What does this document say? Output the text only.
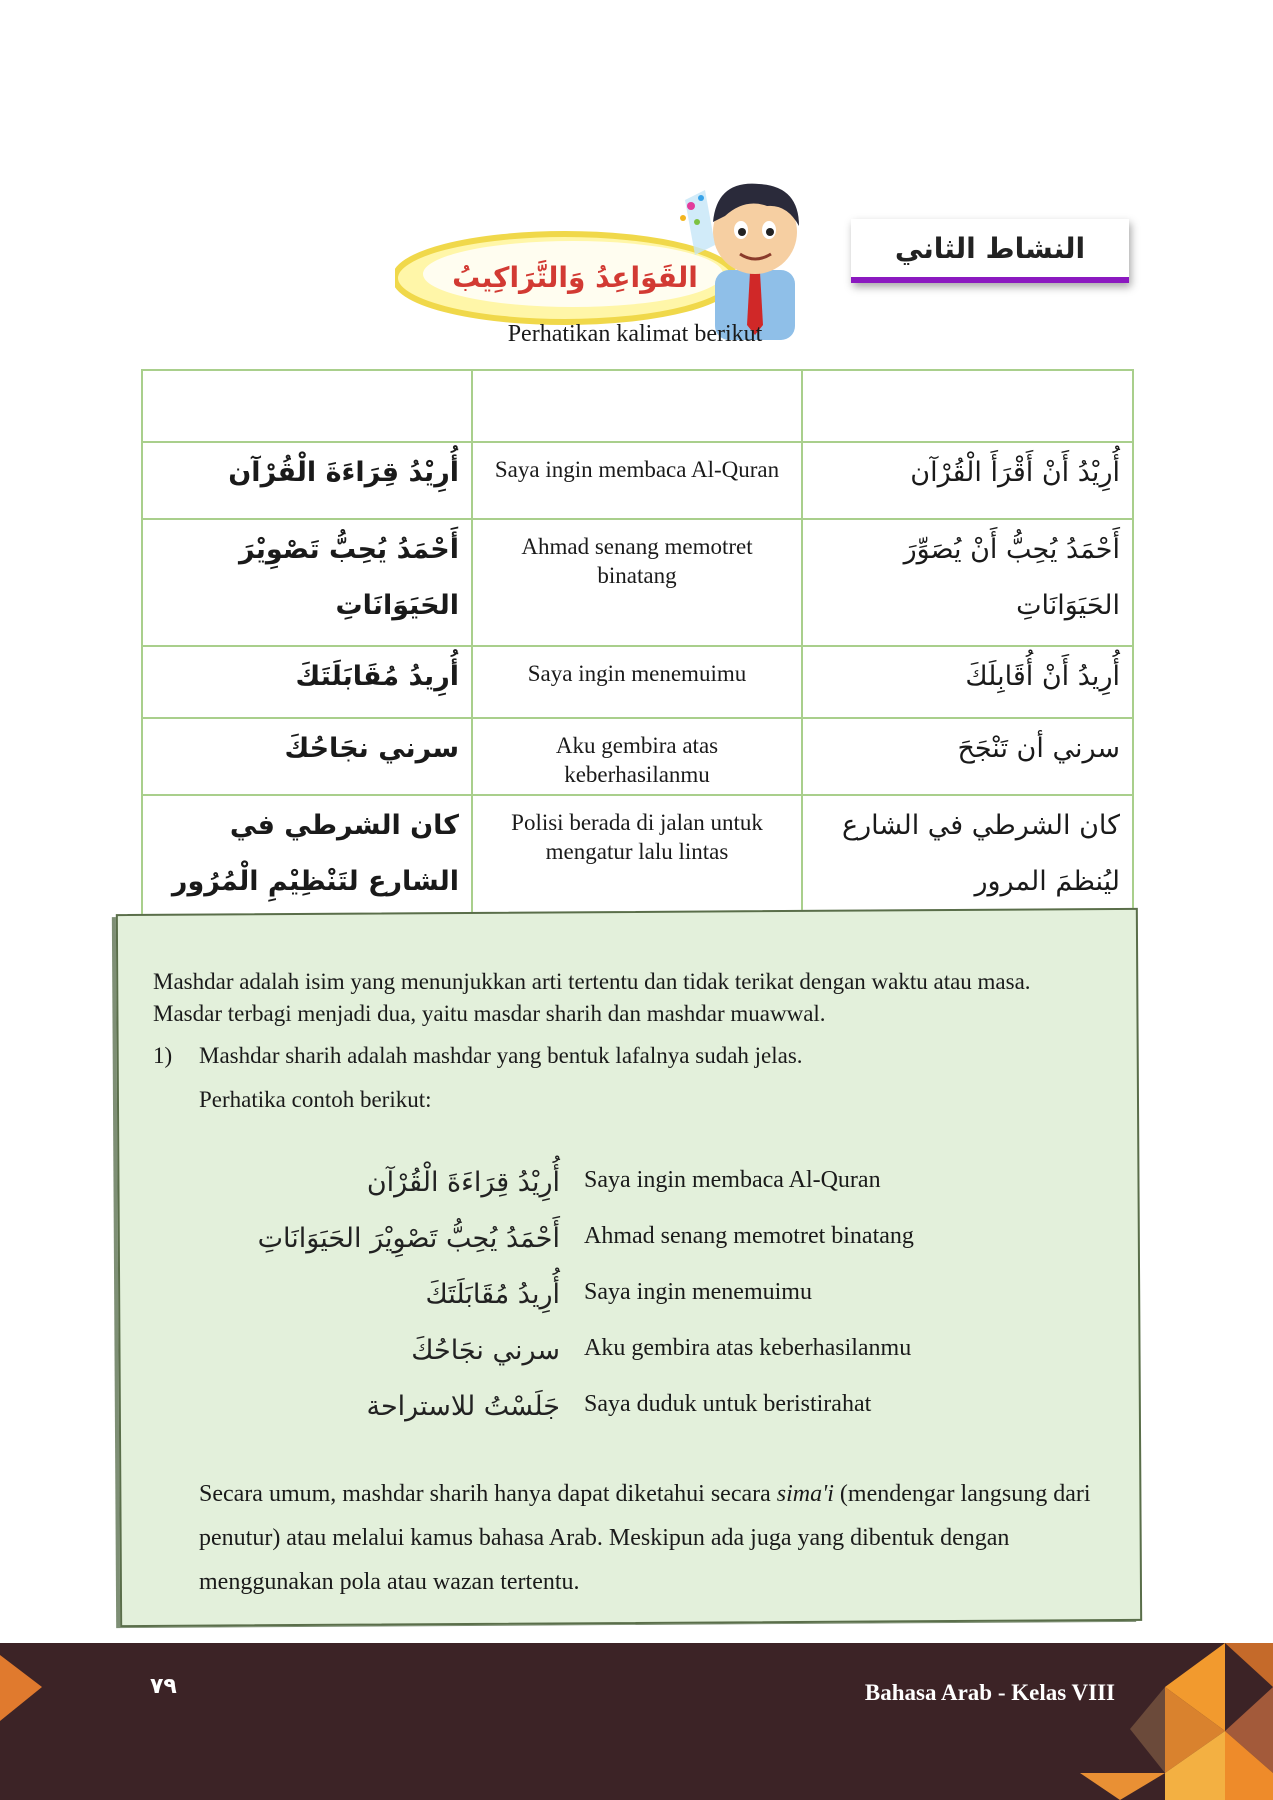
النشاط الثاني
القَوَاعِدُ وَالتَّرَاكِيبُ
Perhatikan kalimat berikut

أُرِيْدُ قِرَاءَةَ الْقُرْآن	Saya ingin membaca Al-Quran	أُرِيْدُ أَنْ أَقْرَأَ الْقُرْآن
أَحْمَدُ يُحِبُّ تَصْوِيْرَ الحَيَوَانَاتِ	Ahmad senang memotret binatang	أَحْمَدُ يُحِبُّ أَنْ يُصَوِّرَ الحَيَوَانَاتِ
أُرِيدُ مُقَابَلَتَكَ	Saya ingin menemuimu	أُرِيدُ أَنْ أُقَابِلَكَ
سرني نجَاحُكَ	Aku gembira atas keberhasilanmu	سرني أن تَنْجَحَ
كان الشرطي في الشارع لتَنْظِيْمِ الْمُرُور	Polisi berada di jalan untuk mengatur lalu lintas	كان الشرطي في الشارع ليُنظمَ المرور

Mashdar adalah isim yang menunjukkan arti tertentu dan tidak terikat dengan waktu atau masa.

Masdar terbagi menjadi dua, yaitu masdar sharih dan mashdar muawwal.

1) Mashdar sharih adalah mashdar yang bentuk lafalnya sudah jelas.

Perhatika contoh berikut:

أُرِيْدُ قِرَاءَةَ الْقُرْآن Saya ingin membaca Al-Quran
أَحْمَدُ يُحِبُّ تَصْوِيْرَ الحَيَوَانَاتِ Ahmad senang memotret binatang
أُرِيدُ مُقَابَلَتَكَ Saya ingin menemuimu
سرني نجَاحُكَ Aku gembira atas keberhasilanmu
جَلَسْتُ للاستراحة Saya duduk untuk beristirahat

Secara umum, mashdar sharih hanya dapat diketahui secara sima'i (mendengar langsung dari penutur) atau melalui kamus bahasa Arab. Meskipun ada juga yang dibentuk dengan menggunakan pola atau wazan tertentu.

٧٩	Bahasa Arab - Kelas VIII
